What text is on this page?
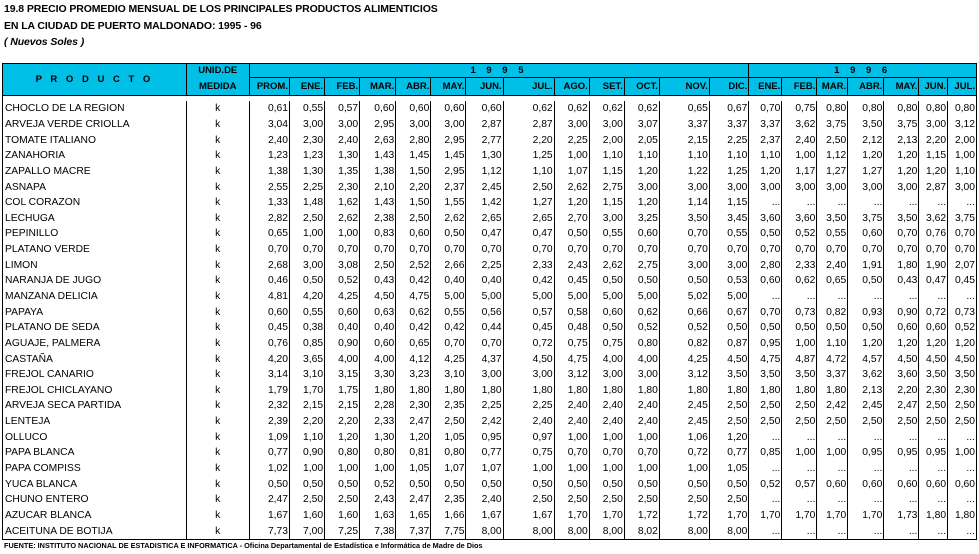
19.8 PRECIO PROMEDIO MENSUAL DE LOS PRINCIPALES PRODUCTOS ALIMENTICIOS
EN LA CIUDAD DE PUERTO MALDONADO: 1995 - 96
( Nuevos Soles )
P R O D U C T O	UNID.DE	1 9 9 5													1 9 9 6						
	MEDIDA	PROM.	ENE.	FEB.	MAR.	ABR.	MAY.	JUN.	JUL.	AGO.	SET.	OCT.	NOV.	DIC.	ENE.	FEB.	MAR.	ABR.	MAY.	JUN.	JUL.

CHOCLO DE LA REGION	k	0,61	0,55	0,57	0,60	0,60	0,60	0,60	0,62	0,62	0,62	0,62	0,65	0,67	0,70	0,75	0,80	0,80	0,80	0,80	0,80
ARVEJA VERDE CRIOLLA	k	3,04	3,00	3,00	2,95	3,00	3,00	2,87	2,87	3,00	3,00	3,07	3,37	3,37	3,37	3,62	3,75	3,50	3,75	3,00	3,12
TOMATE ITALIANO	k	2,40	2,30	2,40	2,63	2,80	2,95	2,77	2,20	2,25	2,00	2,05	2,15	2,25	2,37	2,40	2,50	2,12	2,13	2,20	2,00
ZANAHORIA	k	1,23	1,23	1,30	1,43	1,45	1,45	1,30	1,25	1,00	1,10	1,10	1,10	1,10	1,10	1,00	1,12	1,20	1,20	1,15	1,00
ZAPALLO MACRE	k	1,38	1,30	1,35	1,38	1,50	2,95	1,12	1,10	1,07	1,15	1,20	1,22	1,25	1,20	1,17	1,27	1,27	1,20	1,20	1,10
ASNAPA	k	2,55	2,25	2,30	2,10	2,20	2,37	2,45	2,50	2,62	2,75	3,00	3,00	3,00	3,00	3,00	3,00	3,00	3,00	2,87	3,00
COL CORAZON	k	1,33	1,48	1,62	1,43	1,50	1,55	1,42	1,27	1,20	1,15	1,20	1,14	1,15	...	...	...	...	...	...	...
LECHUGA	k	2,82	2,50	2,62	2,38	2,50	2,62	2,65	2,65	2,70	3,00	3,25	3,50	3,45	3,60	3,60	3,50	3,75	3,50	3,62	3,75
PEPINILLO	k	0,65	1,00	1,00	0,83	0,60	0,50	0,47	0,47	0,50	0,55	0,60	0,70	0,55	0,50	0,52	0,55	0,60	0,70	0,76	0,70
PLATANO VERDE	k	0,70	0,70	0,70	0,70	0,70	0,70	0,70	0,70	0,70	0,70	0,70	0,70	0,70	0,70	0,70	0,70	0,70	0,70	0,70	0,70
LIMON	k	2,68	3,00	3,08	2,50	2,52	2,66	2,25	2,33	2,43	2,62	2,75	3,00	3,00	2,80	2,33	2,40	1,91	1,80	1,90	2,07
NARANJA DE JUGO	k	0,46	0,50	0,52	0,43	0,42	0,40	0,40	0,42	0,45	0,50	0,50	0,50	0,53	0,60	0,62	0,65	0,50	0,43	0,47	0,45
MANZANA DELICIA	k	4,81	4,20	4,25	4,50	4,75	5,00	5,00	5,00	5,00	5,00	5,00	5,02	5,00	...	...	...	...	...	...	...
PAPAYA	k	0,60	0,55	0,60	0,63	0,62	0,55	0,56	0,57	0,58	0,60	0,62	0,66	0,67	0,70	0,73	0,82	0,93	0,90	0,72	0,73
PLATANO DE SEDA	k	0,45	0,38	0,40	0,40	0,42	0,42	0,44	0,45	0,48	0,50	0,52	0,52	0,50	0,50	0,50	0,50	0,50	0,60	0,60	0,52
AGUAJE, PALMERA	k	0,76	0,85	0,90	0,60	0,65	0,70	0,70	0,72	0,75	0,75	0,80	0,82	0,87	0,95	1,00	1,10	1,20	1,20	1,20	1,20
CASTAÑA	k	4,20	3,65	4,00	4,00	4,12	4,25	4,37	4,50	4,75	4,00	4,00	4,25	4,50	4,75	4,87	4,72	4,57	4,50	4,50	4,50
FREJOL CANARIO	k	3,14	3,10	3,15	3,30	3,23	3,10	3,00	3,00	3,12	3,00	3,00	3,12	3,50	3,50	3,50	3,37	3,62	3,60	3,50	3,50
FREJOL CHICLAYANO	k	1,79	1,70	1,75	1,80	1,80	1,80	1,80	1,80	1,80	1,80	1,80	1,80	1,80	1,80	1,80	1,80	2,13	2,20	2,30	2,30
ARVEJA SECA PARTIDA	k	2,32	2,15	2,15	2,28	2,30	2,35	2,25	2,25	2,40	2,40	2,40	2,45	2,50	2,50	2,50	2,42	2,45	2,47	2,50	2,50
LENTEJA	k	2,39	2,20	2,20	2,33	2,47	2,50	2,42	2,40	2,40	2,40	2,40	2,45	2,50	2,50	2,50	2,50	2,50	2,50	2,50	2,50
OLLUCO	k	1,09	1,10	1,20	1,30	1,20	1,05	0,95	0,97	1,00	1,00	1,00	1,06	1,20	...	...	...	...	...	...	...
PAPA BLANCA	k	0,77	0,90	0,80	0,80	0,81	0,80	0,77	0,75	0,70	0,70	0,70	0,72	0,77	0,85	1,00	1,00	0,95	0,95	0,95	1,00
PAPA COMPISS	k	1,02	1,00	1,00	1,00	1,05	1,07	1,07	1,00	1,00	1,00	1,00	1,00	1,05	...	...	...	...	...	...	...
YUCA BLANCA	k	0,50	0,50	0,50	0,52	0,50	0,50	0,50	0,50	0,50	0,50	0,50	0,50	0,50	0,52	0,57	0,60	0,60	0,60	0,60	0,60
CHUNO ENTERO	k	2,47	2,50	2,50	2,43	2,47	2,35	2,40	2,50	2,50	2,50	2,50	2,50	2,50	...	...	...	...	...	...	...
AZUCAR BLANCA	k	1,67	1,60	1,60	1,63	1,65	1,66	1,67	1,67	1,70	1,70	1,72	1,72	1,70	1,70	1,70	1,70	1,70	1,73	1,80	1,80
ACEITUNA DE BOTIJA	k	7,73	7,00	7,25	7,38	7,37	7,75	8,00	8,00	8,00	8,00	8,02	8,00	8,00	...	...	...	...	...	...	...
FUENTE: INSTITUTO NACIONAL DE ESTADISTICA E INFORMATICA - Oficina Departamental de Estadística e Informática de Madre de Dios
